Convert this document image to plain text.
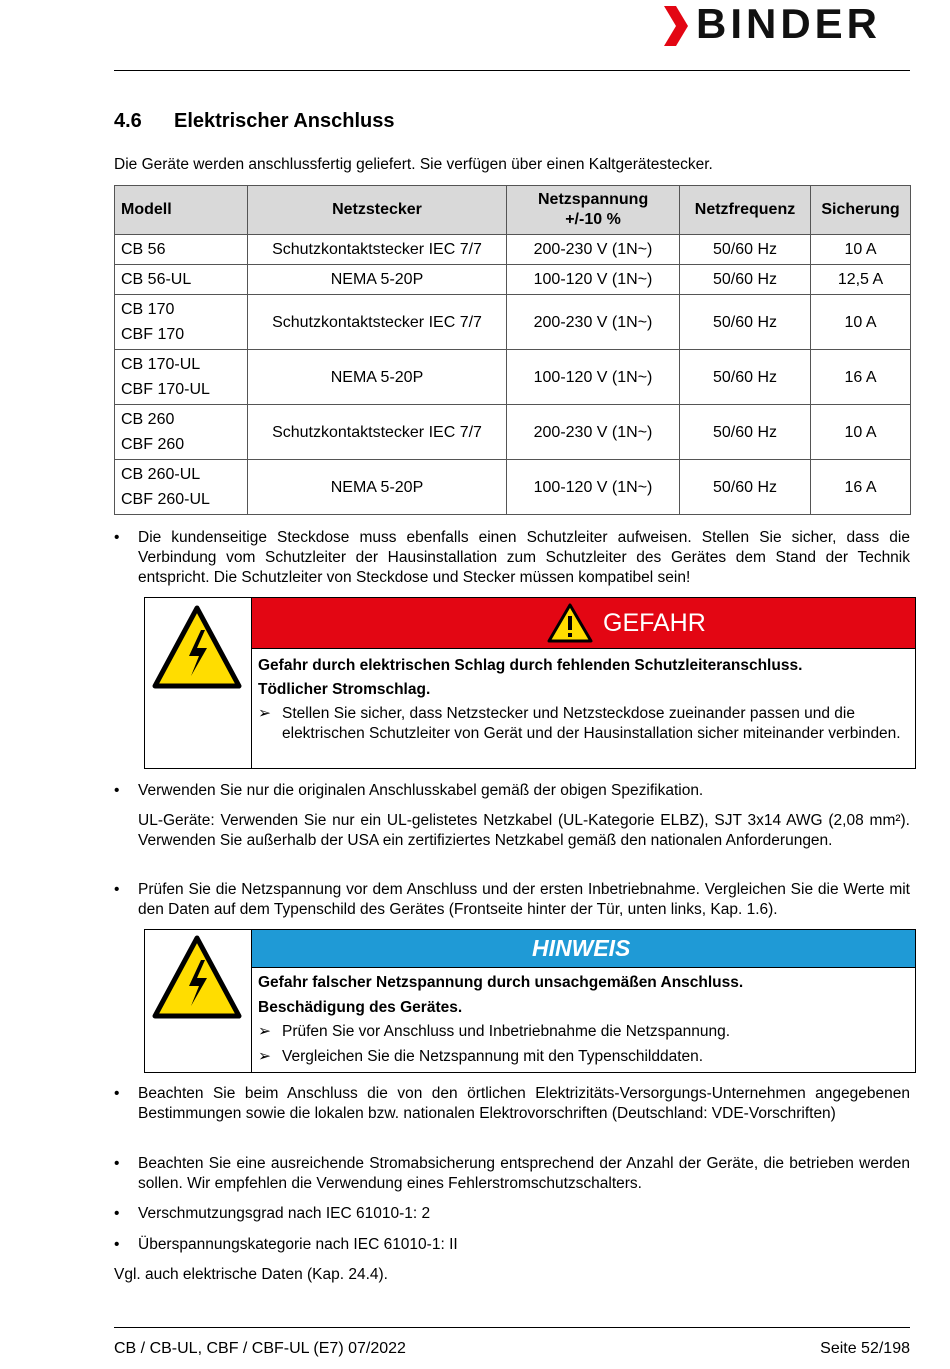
BINDER
4.6 Elektrischer Anschluss

Die Geräte werden anschlussfertig geliefert. Sie verfügen über einen Kaltgerätestecker.

Modell	Netzstecker	Netzspannung +/-10 %	Netzfrequenz	Sicherung
CB 56	Schutzkontaktstecker IEC 7/7	200-230 V (1N~)	50/60 Hz	10 A
CB 56-UL	NEMA 5-20P	100-120 V (1N~)	50/60 Hz	12,5 A

CB 170
CBF 170	Schutzkontaktstecker IEC 7/7	200-230 V (1N~)	50/60 Hz	10 A

CB 170-UL
CBF 170-UL	NEMA 5-20P	100-120 V (1N~)	50/60 Hz	16 A

CB 260
CBF 260	Schutzkontaktstecker IEC 7/7	200-230 V (1N~)	50/60 Hz	10 A

CB 260-UL
CBF 260-UL	NEMA 5-20P	100-120 V (1N~)	50/60 Hz	16 A
•	Die kundenseitige Steckdose muss ebenfalls einen Schutzleiter aufweisen. Stellen Sie sicher, dass die Verbindung vom Schutzleiter der Hausinstallation zum Schutzleiter des Gerätes dem Stand der Technik entspricht. Die Schutzleiter von Steckdose und Stecker müssen kompatibel sein!
GEFAHR
Gefahr durch elektrischen Schlag durch fehlenden Schutzleiteranschluss.
Tödlicher Stromschlag.
➢ Stellen Sie sicher, dass Netzstecker und Netzsteckdose zueinander passen und die elektrischen Schutzleiter von Gerät und der Hausinstallation sicher miteinander verbinden.
•	Verwenden Sie nur die originalen Anschlusskabel gemäß der obigen Spezifikation.
UL-Geräte: Verwenden Sie nur ein UL-gelistetes Netzkabel (UL-Kategorie ELBZ), SJT 3x14 AWG (2,08 mm²). Verwenden Sie außerhalb der USA ein zertifiziertes Netzkabel gemäß den nationalen Anforderungen.
•	Prüfen Sie die Netzspannung vor dem Anschluss und der ersten Inbetriebnahme. Vergleichen Sie die Werte mit den Daten auf dem Typenschild des Gerätes (Frontseite hinter der Tür, unten links, Kap. 1.6).
HINWEIS
Gefahr falscher Netzspannung durch unsachgemäßen Anschluss.
Beschädigung des Gerätes.
➢ Prüfen Sie vor Anschluss und Inbetriebnahme die Netzspannung.
➢ Vergleichen Sie die Netzspannung mit den Typenschilddaten.
•	Beachten Sie beim Anschluss die von den örtlichen Elektrizitäts-Versorgungs-Unternehmen angegebenen Bestimmungen sowie die lokalen bzw. nationalen Elektrovorschriften (Deutschland: VDE-Vorschriften)
•	Beachten Sie eine ausreichende Stromabsicherung entsprechend der Anzahl der Geräte, die betrieben werden sollen. Wir empfehlen die Verwendung eines Fehlerstromschutzschalters.
•	Verschmutzungsgrad nach IEC 61010-1: 2
•	Überspannungskategorie nach IEC 61010-1: II

Vgl. auch elektrische Daten (Kap. 24.4).

CB / CB-UL, CBF / CBF-UL (E7) 07/2022	Seite 52/198
